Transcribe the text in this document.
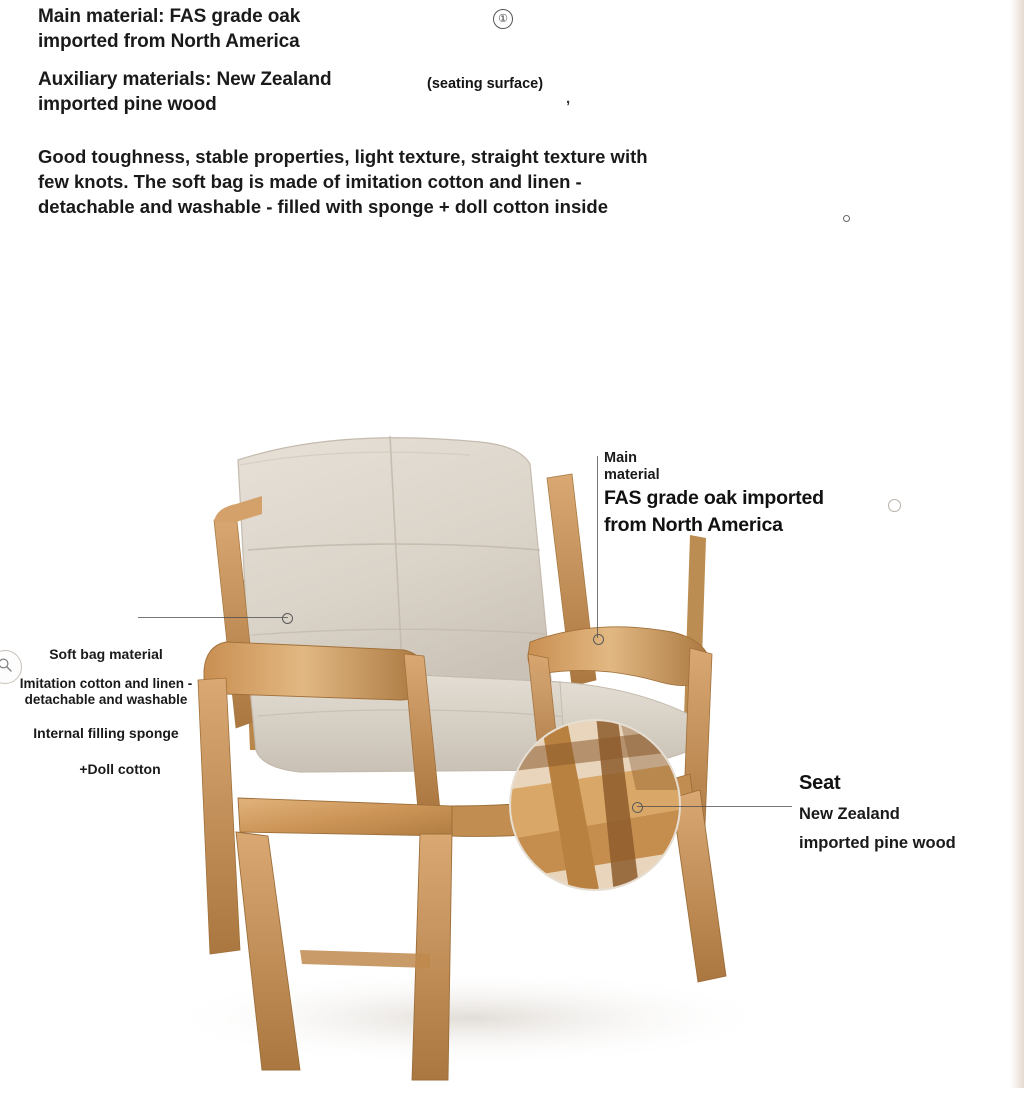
Main material: FAS grade oak
imported from North America
Auxiliary materials: New Zealand
imported pine wood
Good toughness, stable properties, light texture, straight texture with
few knots. The soft bag is made of imitation cotton and linen -
detachable and washable - filled with sponge + doll cotton inside
①
(seating surface)
,
Main
material
FAS grade oak imported
from North America
Seat
New Zealand
imported pine wood
Soft bag material
Imitation cotton and linen -
detachable and washable
Internal filling sponge
+Doll cotton
